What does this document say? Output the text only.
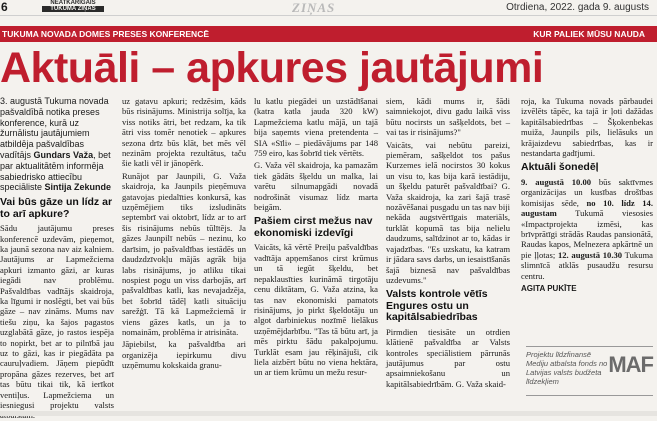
6	NEATKARĪGAIS
TUKUMA ZIŅAS	ZIŅAS	Otrdiena, 2022. gada 9. augusts
TUKUMA NOVADA DOMES PRESES KONFERENCĒ	KUR PALIEK MŪSU NAUDA
Aktuāli – apkures jautājumi

3. augustā Tukuma novada pašvaldībā notika preses konference, kurā uz žurnālistu jautājumiem atbildēja pašvaldības vadītājs Gundars Važa, bet par aktualitātēm informēja sabiedrisko attiecību speciāliste Sintija Zekunde

Vai būs gāze un lídz ar to arī apkure?

Sādu jautājumu preses konferencē uzdevām, pieņemot, ka jaunā sezona nav aiz kalniem. Jautājums ar Lapmežciema apkuri izmanto gāzi, ar kuras iegādi nav problēmu. Pašvaldības vadītājs skaidroja, ka līgumi ir noslēgti, bet vai būs gāze – nav zināms. Mums nav tiešu ziņu, ka šajos pagastos uzglabātā gāze, jo rastos iespēja to nopirkt, bet ar to pilnībā jau uz to gāzi, kas ir piegādāta pa cauruļvadiem. Jāņem piepūdīt propāna gāzes rezerves, bet arī tas būtu tikai tik, kā ierīkot ventiļus. Lapmežciema un iesniegusi projektu valsts

uz gatavu apkuri; redzēsim, kāds būs risinājums. Ministrija solīja, ka viss notiks ātri, bet redzam, ka tik ātri viss tomēr nenotiek – apkures sezona drīz būs klāt, bet mēs vēl nezinām projekta rezultātus, taču šie katli vēl ir jānopērk.

Runājot par Jaunpili, G. Važa skaidroja, ka Jaunpils pieņēmuva gatavojas piedalīties konkursā, kas uzņēmējiem tiks izsludināts septembrī vai oktobrī, lídz ar to arī šis risinājums nebūs tūlītējs. Ja gāzes Jaunpilī nebūs – nezinu, ko darīsim, jo pašvaldības iestādēs un daudzdzīvokļu mājās agrāk bija labs risinājums, jo atliku tikai nospiest pogu un viss darbojās, arī pašvaldības katli, kas nevajadzēja, bet šobrīd tādēļ katli situāciju sarežģī. Tā kā Lapmežciemā ir viens gāzes katls, un ja to nomainām, problēma ir atrisināta.

Jāpiebilst, ka pašvaldība ari organizēja iepirkumu divu uzņēmumu kokskaida granu-

lu katlu piegādei un uzstādīšanai (katra katla jauda 320 kW) Lapmežciema katlu mājā, un tajā bija saņemts viena pretendenta – SIA «Sīli» – piedāvājums par 148 759 eiro, kas šobrīd tiek vērtēts.

G. Važa vēl skaidroja, ka pamazām tiek gādāts šķeldu un malka, lai varētu silnumapgādi novadā nodrošināt visumaz lídz marta beigām.

Pašiem cirst mežus nav ekonomiski izdevīgi

Vaicāts, kā vērtē Preiļu pašvaldības vadītāja apņemšanos cirst krūmus un tā iegūt šķeldu, bet nepaklausīties kurināmā tirgotāju cenu diktātam, G. Važa atzina, ka tas nav ekonomiski pamatots risinājums, jo pirkt šķeldotāju un algot darbiniekus nozīmē lielākus uzņēmējdarbību. "Tas tā būtu arī, ja mēs pirktu šādu pakalpojumu. Turklāt esam jau rēķinājuši, cik liela aizbērt būtu no viena hektāra, un ar tiem krūmu un mežu resur-

siem, kādi mums ir, šādi saimniekojot, divu gadu laikā viss būtu nocirsts un sašķeldots, bet – vai tas ir risinājums?"

Vaicāts, vai nebūtu pareizi, piemēram, sašķeldot tos pašus Kurzemes ielā nocirstos 30 kokus un visu to, kas bija karā iestādiju, un šķeldu paturēt pašvaldībai? G. Važa skaidroja, ka zari šajā trasē nozāvēšanai pusgadu un tas nav biji nekāda augstvērtīgais materiāls, turklāt kopumā tas bija nelielu daudzums, salīdzinot ar to, kādas ir vajadzības. "Es uzskatu, ka katram ir jādara savs darbs, un iesaistīšanās šajā biznesā nav pašvaldības uzdevums."

Valsts kontrole vētīs Engures ostu un kapitālsabiedrības

Pirmdien tiesisāte un otrdien klātienē pašvaldība ar Valsts kontroles speciālistiem pārrunās jautājumus par ostu apsaimniekošanu un kapitālsabiedrībām. G. Važa skaid-

roja, ka Tukuma novads pārbaudei izvēlēts tāpēc, ka tajā ir ļoti dažādas kapitālsabiedrības – Šķokenbekas muiža, Jaunpils pils, lielāsuks un krājaizdevu sabiedrības, kas ir nestandarta gadījumi.

Aktuāli šonedēļ

9. augustā 10.00 būs saktīvmes organizācijas un kusības drošības komisijas sēde, no 10. lídz 14. augustam Tukumā viesosies «Impactprojekta izmēsi, kas brīvprātīgi strādās Raudas pansionātā, Raudas kapos, Melnezera apkārtnē un pie ļļotas; 12. augustā 10.30 Tukuma slimnīcā atklās pusaudžu resursu centru.

AGITA PUKĪTE

Projektu līdzfinansē Mediju atbalsta fonds no Latvijas valsts budžeta līdzekļiem
MAF
